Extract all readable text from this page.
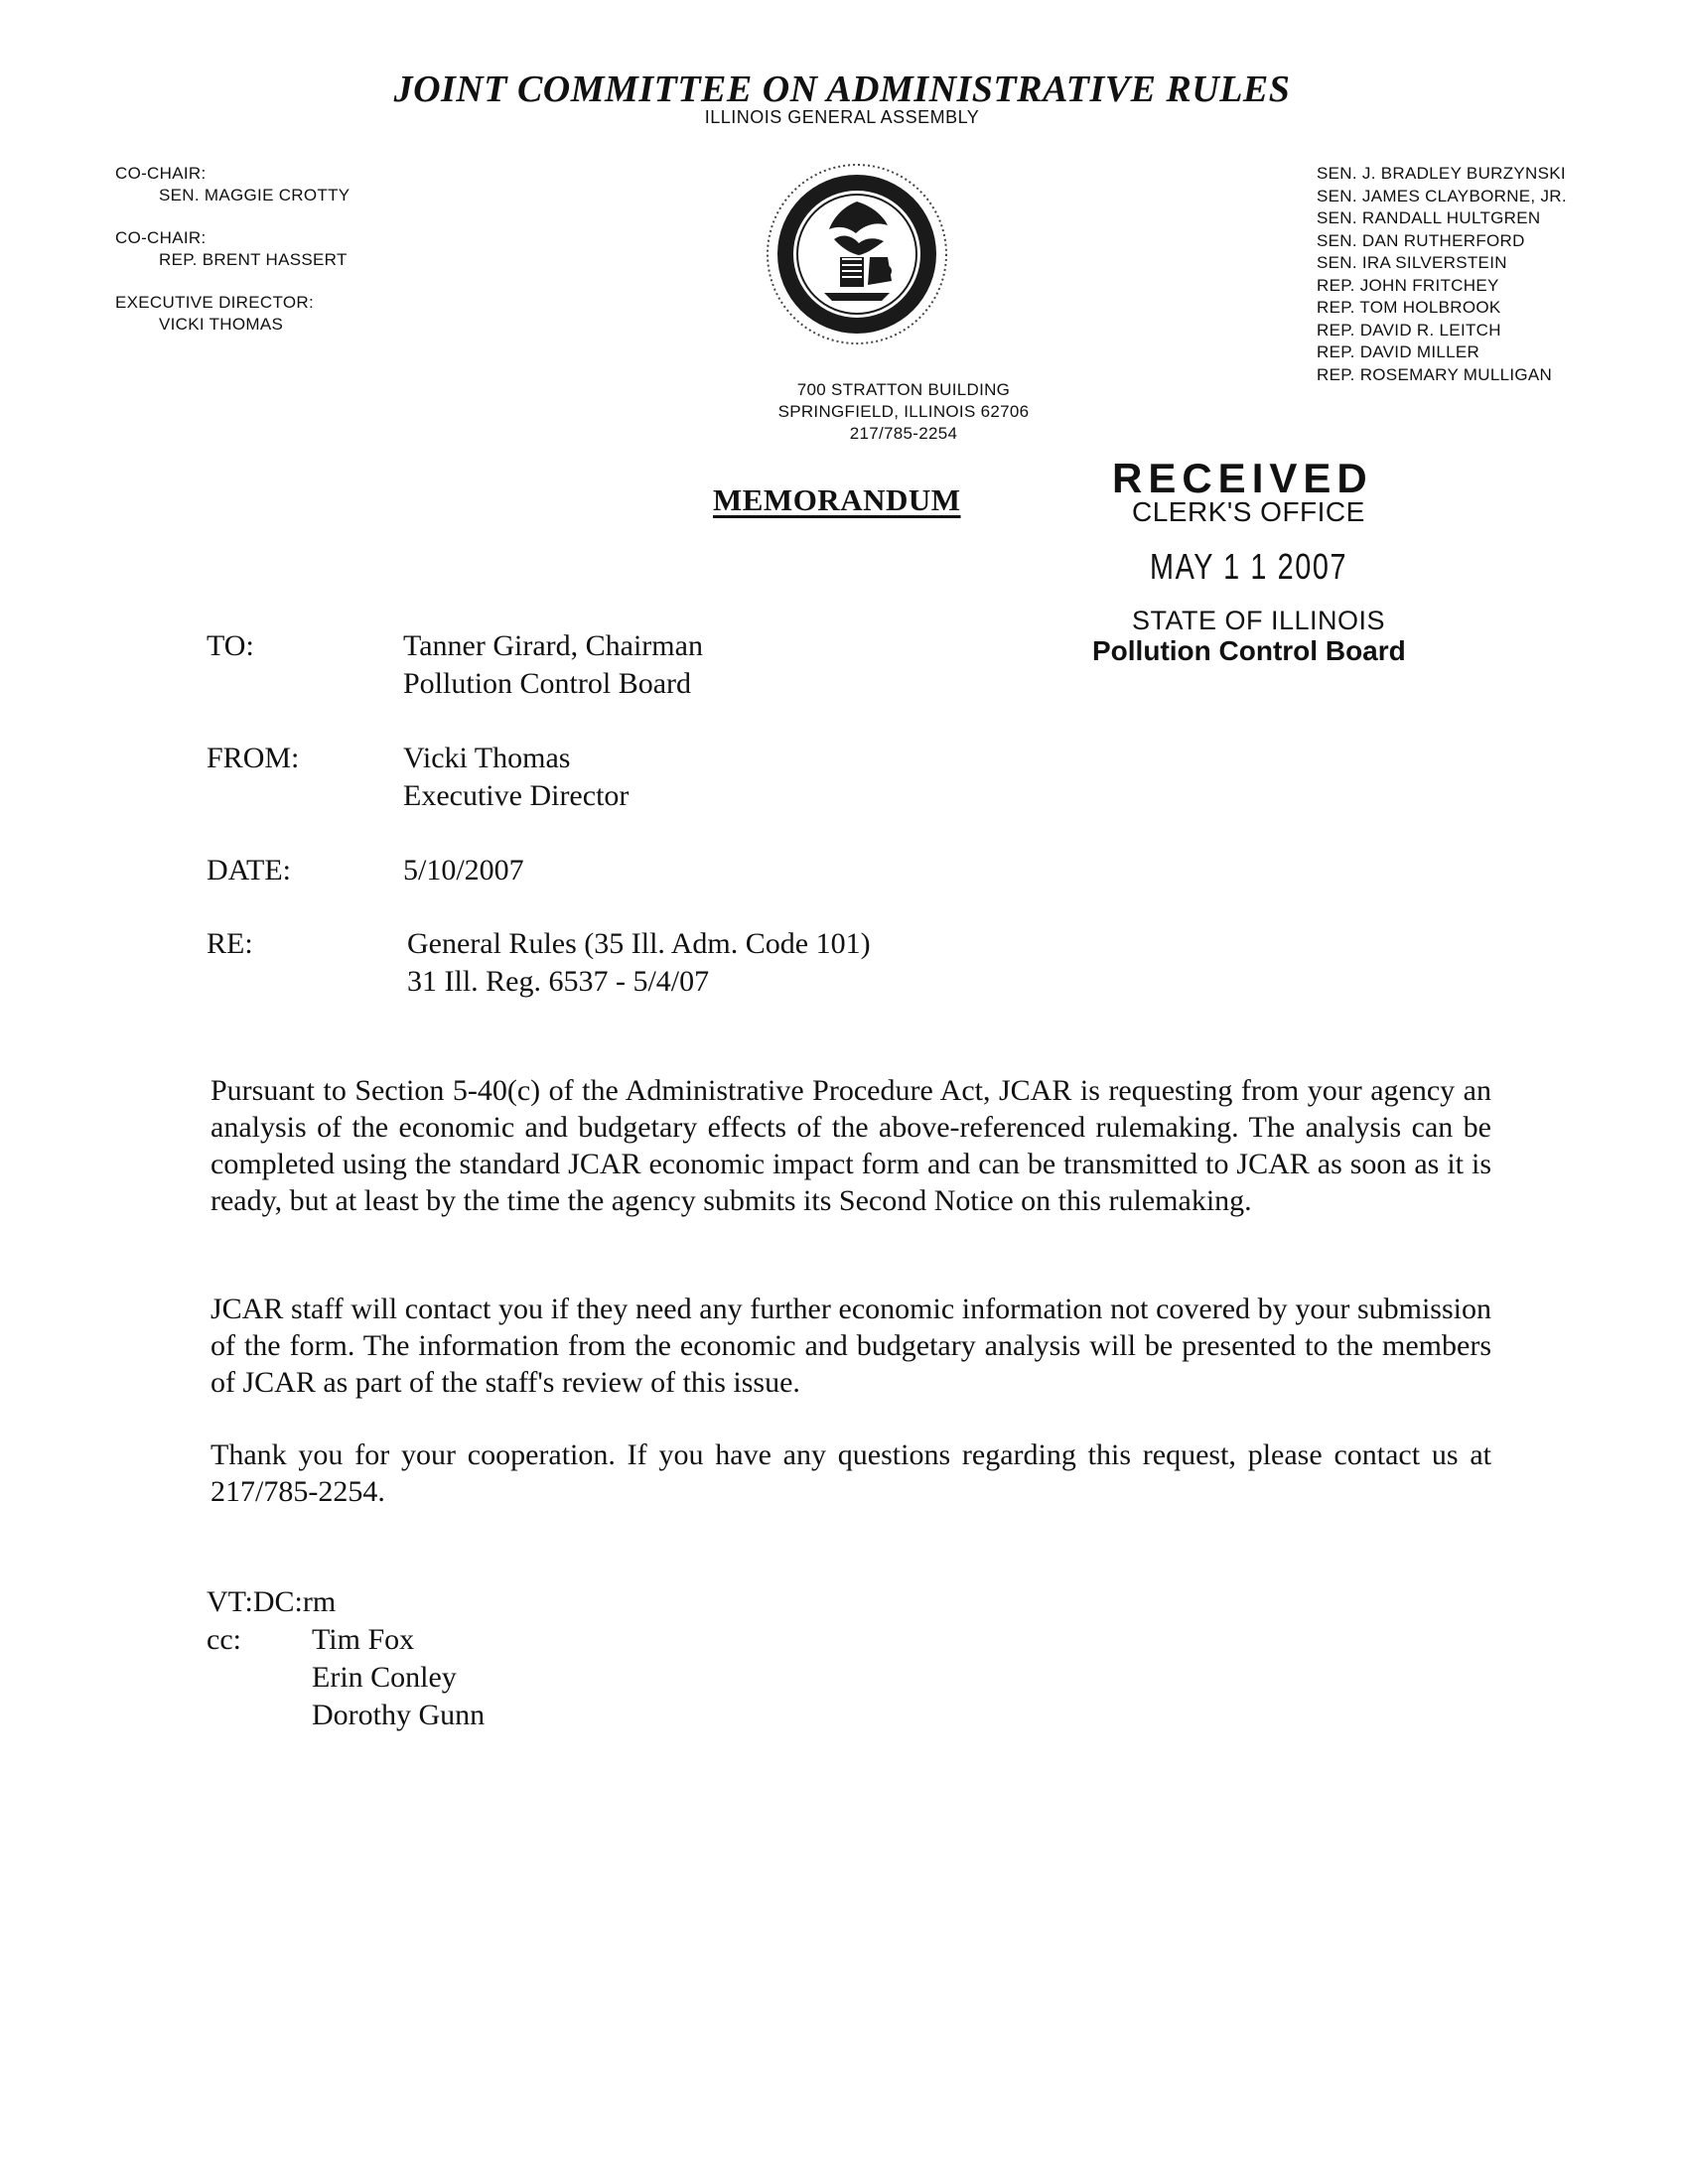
JOINT COMMITTEE ON ADMINISTRATIVE RULES
ILLINOIS GENERAL ASSEMBLY
CO-CHAIR:
SEN. MAGGIE CROTTY
CO-CHAIR:
REP. BRENT HASSERT
EXECUTIVE DIRECTOR:
VICKI THOMAS
SEN. J. BRADLEY BURZYNSKI
SEN. JAMES CLAYBORNE, JR.
SEN. RANDALL HULTGREN
SEN. DAN RUTHERFORD
SEN. IRA SILVERSTEIN
REP. JOHN FRITCHEY
REP. TOM HOLBROOK
REP. DAVID R. LEITCH
REP. DAVID MILLER
REP. ROSEMARY MULLIGAN
700 STRATTON BUILDING
SPRINGFIELD, ILLINOIS 62706
217/785-2254
MEMORANDUM	RECEIVED
CLERK'S OFFICE
MAY 1 1 2007
STATE OF ILLINOIS
Pollution Control Board
TO:	Tanner Girard, Chairman
Pollution Control Board
FROM:	Vicki Thomas
Executive Director
DATE:	5/10/2007
RE:	General Rules (35 Ill. Adm. Code 101)
31 Ill. Reg. 6537 - 5/4/07
Pursuant to Section 5-40(c) of the Administrative Procedure Act, JCAR is requesting from your agency an analysis of the economic and budgetary effects of the above-referenced rulemaking. The analysis can be completed using the standard JCAR economic impact form and can be transmitted to JCAR as soon as it is ready, but at least by the time the agency submits its Second Notice on this rulemaking.
JCAR staff will contact you if they need any further economic information not covered by your submission of the form. The information from the economic and budgetary analysis will be presented to the members of JCAR as part of the staff's review of this issue.
Thank you for your cooperation. If you have any questions regarding this request, please contact us at 217/785-2254.
VT:DC:rm
cc: Tim Fox
Erin Conley
Dorothy Gunn
